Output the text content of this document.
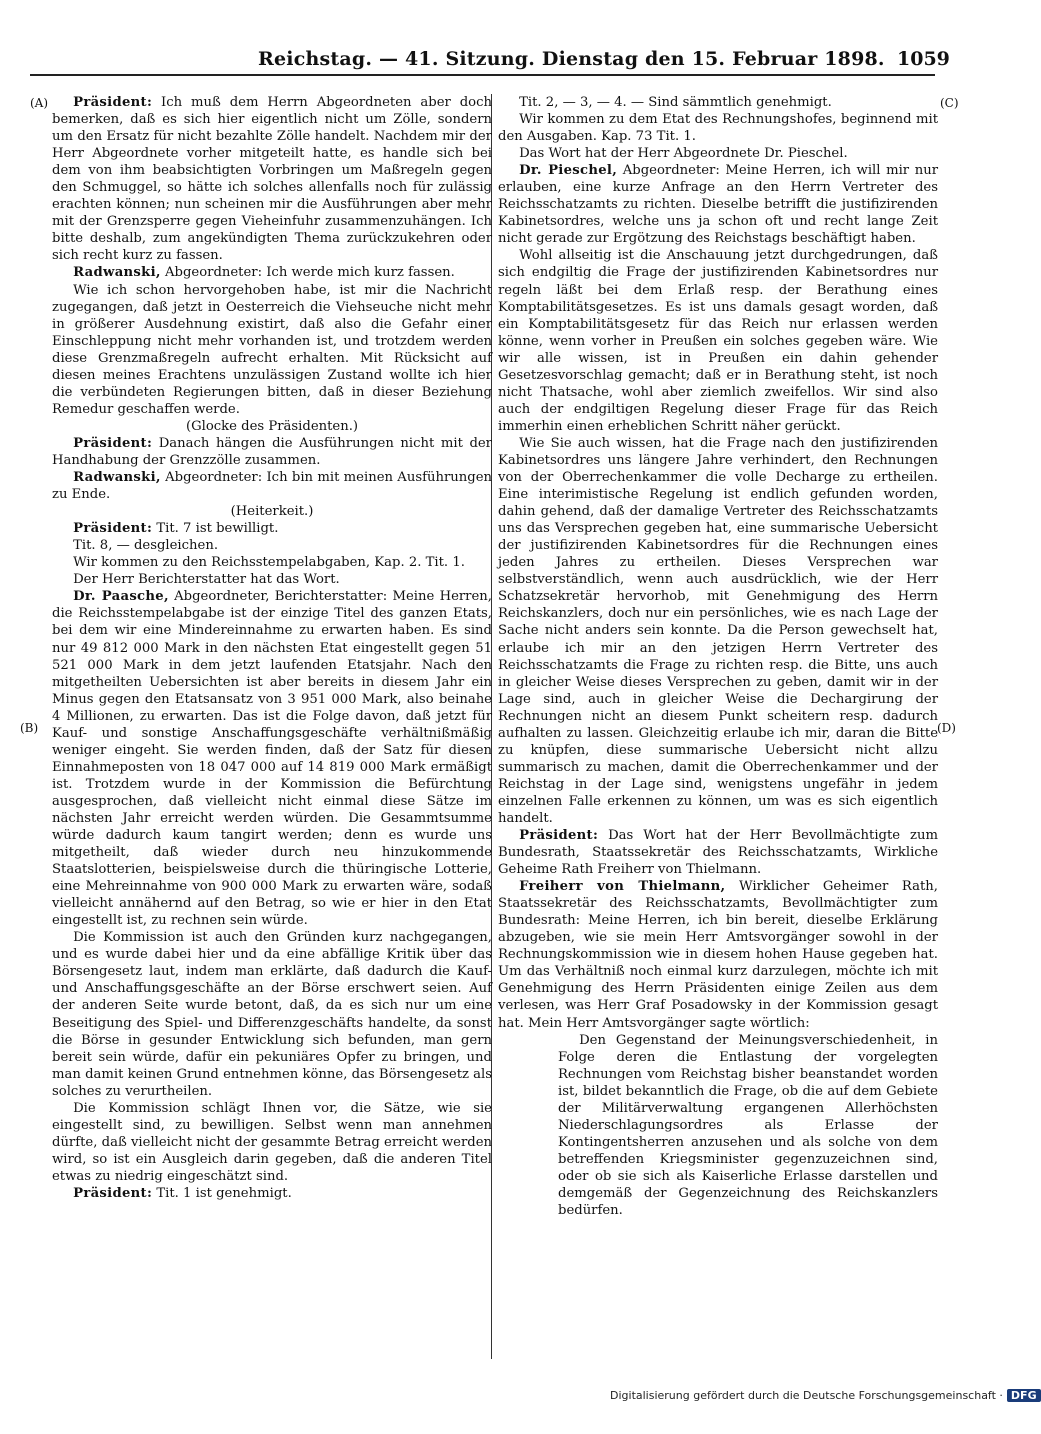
Reichstag. — 41. Sitzung. Dienstag den 15. Februar 1898. 1059
(A)
(B)
(C)
(D)

Präsident: Ich muß dem Herrn Abgeordneten aber doch bemerken, daß es sich hier eigentlich nicht um Zölle, sondern um den Ersatz für nicht bezahlte Zölle handelt. Nachdem mir der Herr Abgeordnete vorher mitgeteilt hatte, es handle sich bei dem von ihm beabsichtigten Vorbringen um Maßregeln gegen den Schmuggel, so hätte ich solches allenfalls noch für zulässig erachten können; nun scheinen mir die Ausführungen aber mehr mit der Grenzsperre gegen Vieheinfuhr zusammenzuhängen. Ich bitte deshalb, zum angekündigten Thema zurückzukehren oder sich recht kurz zu fassen.

Radwanski, Abgeordneter: Ich werde mich kurz fassen.

Wie ich schon hervorgehoben habe, ist mir die Nachricht zugegangen, daß jetzt in Oesterreich die Viehseuche nicht mehr in größerer Ausdehnung existirt, daß also die Gefahr einer Einschleppung nicht mehr vorhanden ist, und trotzdem werden diese Grenzmaßregeln aufrecht erhalten. Mit Rücksicht auf diesen meines Erachtens unzulässigen Zustand wollte ich hier die verbündeten Regierungen bitten, daß in dieser Beziehung Remedur geschaffen werde.

(Glocke des Präsidenten.)

Präsident: Danach hängen die Ausführungen nicht mit der Handhabung der Grenzzölle zusammen.

Radwanski, Abgeordneter: Ich bin mit meinen Ausführungen zu Ende.

(Heiterkeit.)

Präsident: Tit. 7 ist bewilligt.

Tit. 8, — desgleichen.

Wir kommen zu den Reichsstempelabgaben, Kap. 2. Tit. 1.

Der Herr Berichterstatter hat das Wort.

Dr. Paasche, Abgeordneter, Berichterstatter: Meine Herren, die Reichsstempelabgabe ist der einzige Titel des ganzen Etats, bei dem wir eine Mindereinnahme zu erwarten haben. Es sind nur 49 812 000 Mark in den nächsten Etat eingestellt gegen 51 521 000 Mark in dem jetzt laufenden Etatsjahr. Nach den mitgetheilten Uebersichten ist aber bereits in diesem Jahr ein Minus gegen den Etatsansatz von 3 951 000 Mark, also beinahe 4 Millionen, zu erwarten. Das ist die Folge davon, daß jetzt für Kauf- und sonstige Anschaffungsgeschäfte verhältnißmäßig weniger eingeht. Sie werden finden, daß der Satz für diesen Einnahmeposten von 18 047 000 auf 14 819 000 Mark ermäßigt ist. Trotzdem wurde in der Kommission die Befürchtung ausgesprochen, daß vielleicht nicht einmal diese Sätze im nächsten Jahr erreicht werden würden. Die Gesammtsumme würde dadurch kaum tangirt werden; denn es wurde uns mitgetheilt, daß wieder durch neu hinzukommende Staatslotterien, beispielsweise durch die thüringische Lotterie, eine Mehreinnahme von 900 000 Mark zu erwarten wäre, sodaß vielleicht annähernd auf den Betrag, so wie er hier in den Etat eingestellt ist, zu rechnen sein würde.

Die Kommission ist auch den Gründen kurz nachgegangen, und es wurde dabei hier und da eine abfällige Kritik über das Börsengesetz laut, indem man erklärte, daß dadurch die Kauf- und Anschaffungsgeschäfte an der Börse erschwert seien. Auf der anderen Seite wurde betont, daß, da es sich nur um eine Beseitigung des Spiel- und Differenzgeschäfts handelte, da sonst die Börse in gesunder Entwicklung sich befunden, man gern bereit sein würde, dafür ein pekuniäres Opfer zu bringen, und man damit keinen Grund entnehmen könne, das Börsengesetz als solches zu verurtheilen.

Die Kommission schlägt Ihnen vor, die Sätze, wie sie eingestellt sind, zu bewilligen. Selbst wenn man annehmen dürfte, daß vielleicht nicht der gesammte Betrag erreicht werden wird, so ist ein Ausgleich darin gegeben, daß die anderen Titel etwas zu niedrig eingeschätzt sind.

Präsident: Tit. 1 ist genehmigt.

Tit. 2, — 3, — 4. — Sind sämmtlich genehmigt.

Wir kommen zu dem Etat des Rechnungshofes, beginnend mit den Ausgaben. Kap. 73 Tit. 1.

Das Wort hat der Herr Abgeordnete Dr. Pieschel.

Dr. Pieschel, Abgeordneter: Meine Herren, ich will mir nur erlauben, eine kurze Anfrage an den Herrn Vertreter des Reichsschatzamts zu richten. Dieselbe betrifft die justifizirenden Kabinetsordres, welche uns ja schon oft und recht lange Zeit nicht gerade zur Ergötzung des Reichstags beschäftigt haben.

Wohl allseitig ist die Anschauung jetzt durchgedrungen, daß sich endgiltig die Frage der justifizirenden Kabinetsordres nur regeln läßt bei dem Erlaß resp. der Berathung eines Komptabilitätsgesetzes. Es ist uns damals gesagt worden, daß ein Komptabilitätsgesetz für das Reich nur erlassen werden könne, wenn vorher in Preußen ein solches gegeben wäre. Wie wir alle wissen, ist in Preußen ein dahin gehender Gesetzesvorschlag gemacht; daß er in Berathung steht, ist noch nicht Thatsache, wohl aber ziemlich zweifellos. Wir sind also auch der endgiltigen Regelung dieser Frage für das Reich immerhin einen erheblichen Schritt näher gerückt.

Wie Sie auch wissen, hat die Frage nach den justifizirenden Kabinetsordres uns längere Jahre verhindert, den Rechnungen von der Oberrechenkammer die volle Decharge zu ertheilen. Eine interimistische Regelung ist endlich gefunden worden, dahin gehend, daß der damalige Vertreter des Reichsschatzamts uns das Versprechen gegeben hat, eine summarische Uebersicht der justifizirenden Kabinetsordres für die Rechnungen eines jeden Jahres zu ertheilen. Dieses Versprechen war selbstverständlich, wenn auch ausdrücklich, wie der Herr Schatzsekretär hervorhob, mit Genehmigung des Herrn Reichskanzlers, doch nur ein persönliches, wie es nach Lage der Sache nicht anders sein konnte. Da die Person gewechselt hat, erlaube ich mir an den jetzigen Herrn Vertreter des Reichsschatzamts die Frage zu richten resp. die Bitte, uns auch in gleicher Weise dieses Versprechen zu geben, damit wir in der Lage sind, auch in gleicher Weise die Dechargirung der Rechnungen nicht an diesem Punkt scheitern resp. dadurch aufhalten zu lassen. Gleichzeitig erlaube ich mir, daran die Bitte zu knüpfen, diese summarische Uebersicht nicht allzu summarisch zu machen, damit die Oberrechenkammer und der Reichstag in der Lage sind, wenigstens ungefähr in jedem einzelnen Falle erkennen zu können, um was es sich eigentlich handelt.

Präsident: Das Wort hat der Herr Bevollmächtigte zum Bundesrath, Staatssekretär des Reichsschatzamts, Wirkliche Geheime Rath Freiherr von Thielmann.

Freiherr von Thielmann, Wirklicher Geheimer Rath, Staatssekretär des Reichsschatzamts, Bevollmächtigter zum Bundesrath: Meine Herren, ich bin bereit, dieselbe Erklärung abzugeben, wie sie mein Herr Amtsvorgänger sowohl in der Rechnungskommission wie in diesem hohen Hause gegeben hat. Um das Verhältniß noch einmal kurz darzulegen, möchte ich mit Genehmigung des Herrn Präsidenten einige Zeilen aus dem verlesen, was Herr Graf Posadowsky in der Kommission gesagt hat. Mein Herr Amtsvorgänger sagte wörtlich:

Den Gegenstand der Meinungsverschiedenheit, in Folge deren die Entlastung der vorgelegten Rechnungen vom Reichstag bisher beanstandet worden ist, bildet bekanntlich die Frage, ob die auf dem Gebiete der Militärverwaltung ergangenen Allerhöchsten Niederschlagungsordres als Erlasse der Kontingentsherren anzusehen und als solche von dem betreffenden Kriegsminister gegenzuzeichnen sind, oder ob sie sich als Kaiserliche Erlasse darstellen und demgemäß der Gegenzeichnung des Reichskanzlers bedürfen.

Digitalisierung gefördert durch die Deutsche Forschungsgemeinschaft · DFG
